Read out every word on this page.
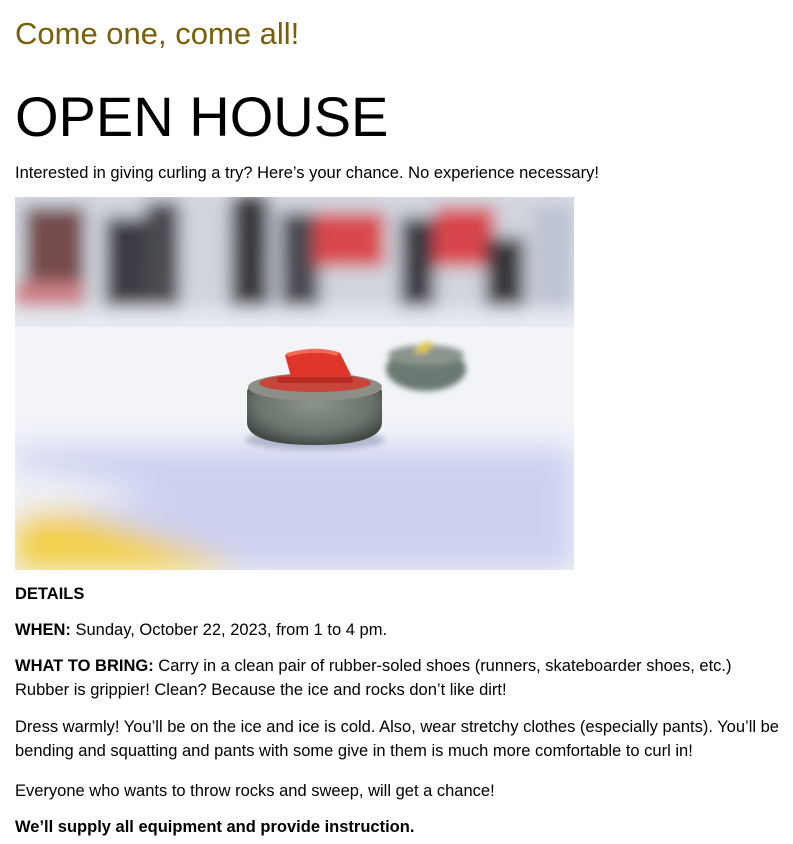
Come one, come all!
OPEN HOUSE
Interested in giving curling a try? Here’s your chance. No experience necessary!
DETAILS
WHEN: Sunday, October 22, 2023, from 1 to 4 pm.
WHAT TO BRING: Carry in a clean pair of rubber-soled shoes (runners, skateboarder shoes, etc.) Rubber is grippier! Clean? Because the ice and rocks don’t like dirt!
Dress warmly! You’ll be on the ice and ice is cold. Also, wear stretchy clothes (especially pants). You’ll be bending and squatting and pants with some give in them is much more comfortable to curl in!
Everyone who wants to throw rocks and sweep, will get a chance!
We’ll supply all equipment and provide instruction.
